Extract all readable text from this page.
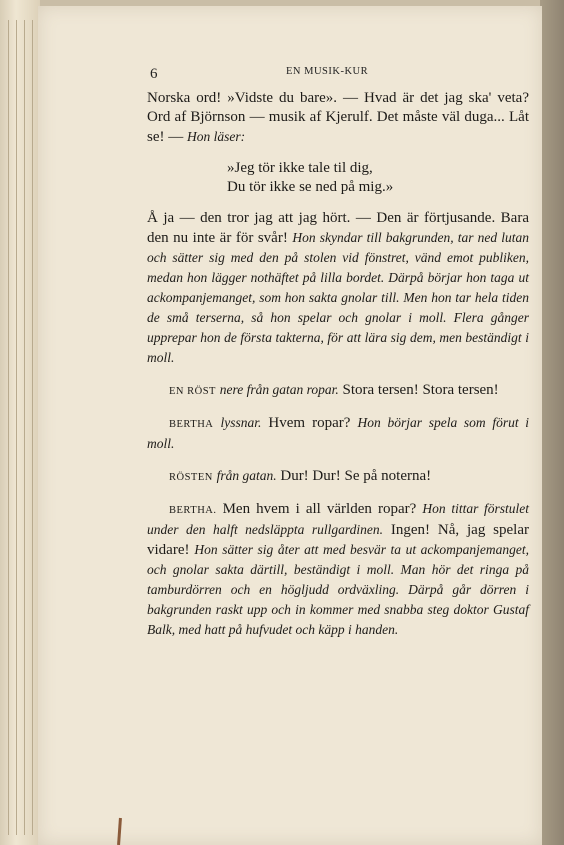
6	EN MUSIK-KUR

Norska ord! »Vidste du bare». — Hvad är det jag ska' veta? Ord af Björnson — musik af Kjerulf. Det måste väl duga... Låt se! — Hon läser:

»Jeg tör ikke tale til dig,

Du tör ikke se ned på mig.»

Å ja — den tror jag att jag hört. — Den är förtjusande. Bara den nu inte är för svår! Hon skyndar till bakgrunden, tar ned lutan och sätter sig med den på stolen vid fönstret, vänd emot publiken, medan hon lägger nothäftet på lilla bordet. Därpå börjar hon taga ut ackompanjemanget, som hon sakta gnolar till. Men hon tar hela tiden de små terserna, så hon spelar och gnolar i moll. Flera gånger upprepar hon de första takterna, för att lära sig dem, men beständigt i moll.

EN RÖST nere från gatan ropar. Stora tersen! Stora tersen!

BERTHA lyssnar. Hvem ropar? Hon börjar spela som förut i moll.

RÖSTEN från gatan. Dur! Dur! Se på noterna!

BERTHA. Men hvem i all världen ropar? Hon tittar förstulet under den halft nedsläppta rullgardinen. Ingen! Nå, jag spelar vidare! Hon sätter sig åter att med besvär ta ut ackompanjemanget, och gnolar sakta därtill, beständigt i moll. Man hör det ringa på tamburdörren och en högljudd ordväxling. Därpå går dörren i bakgrunden raskt upp och in kommer med snabba steg doktor Gustaf Balk, med hatt på hufvudet och käpp i handen.
